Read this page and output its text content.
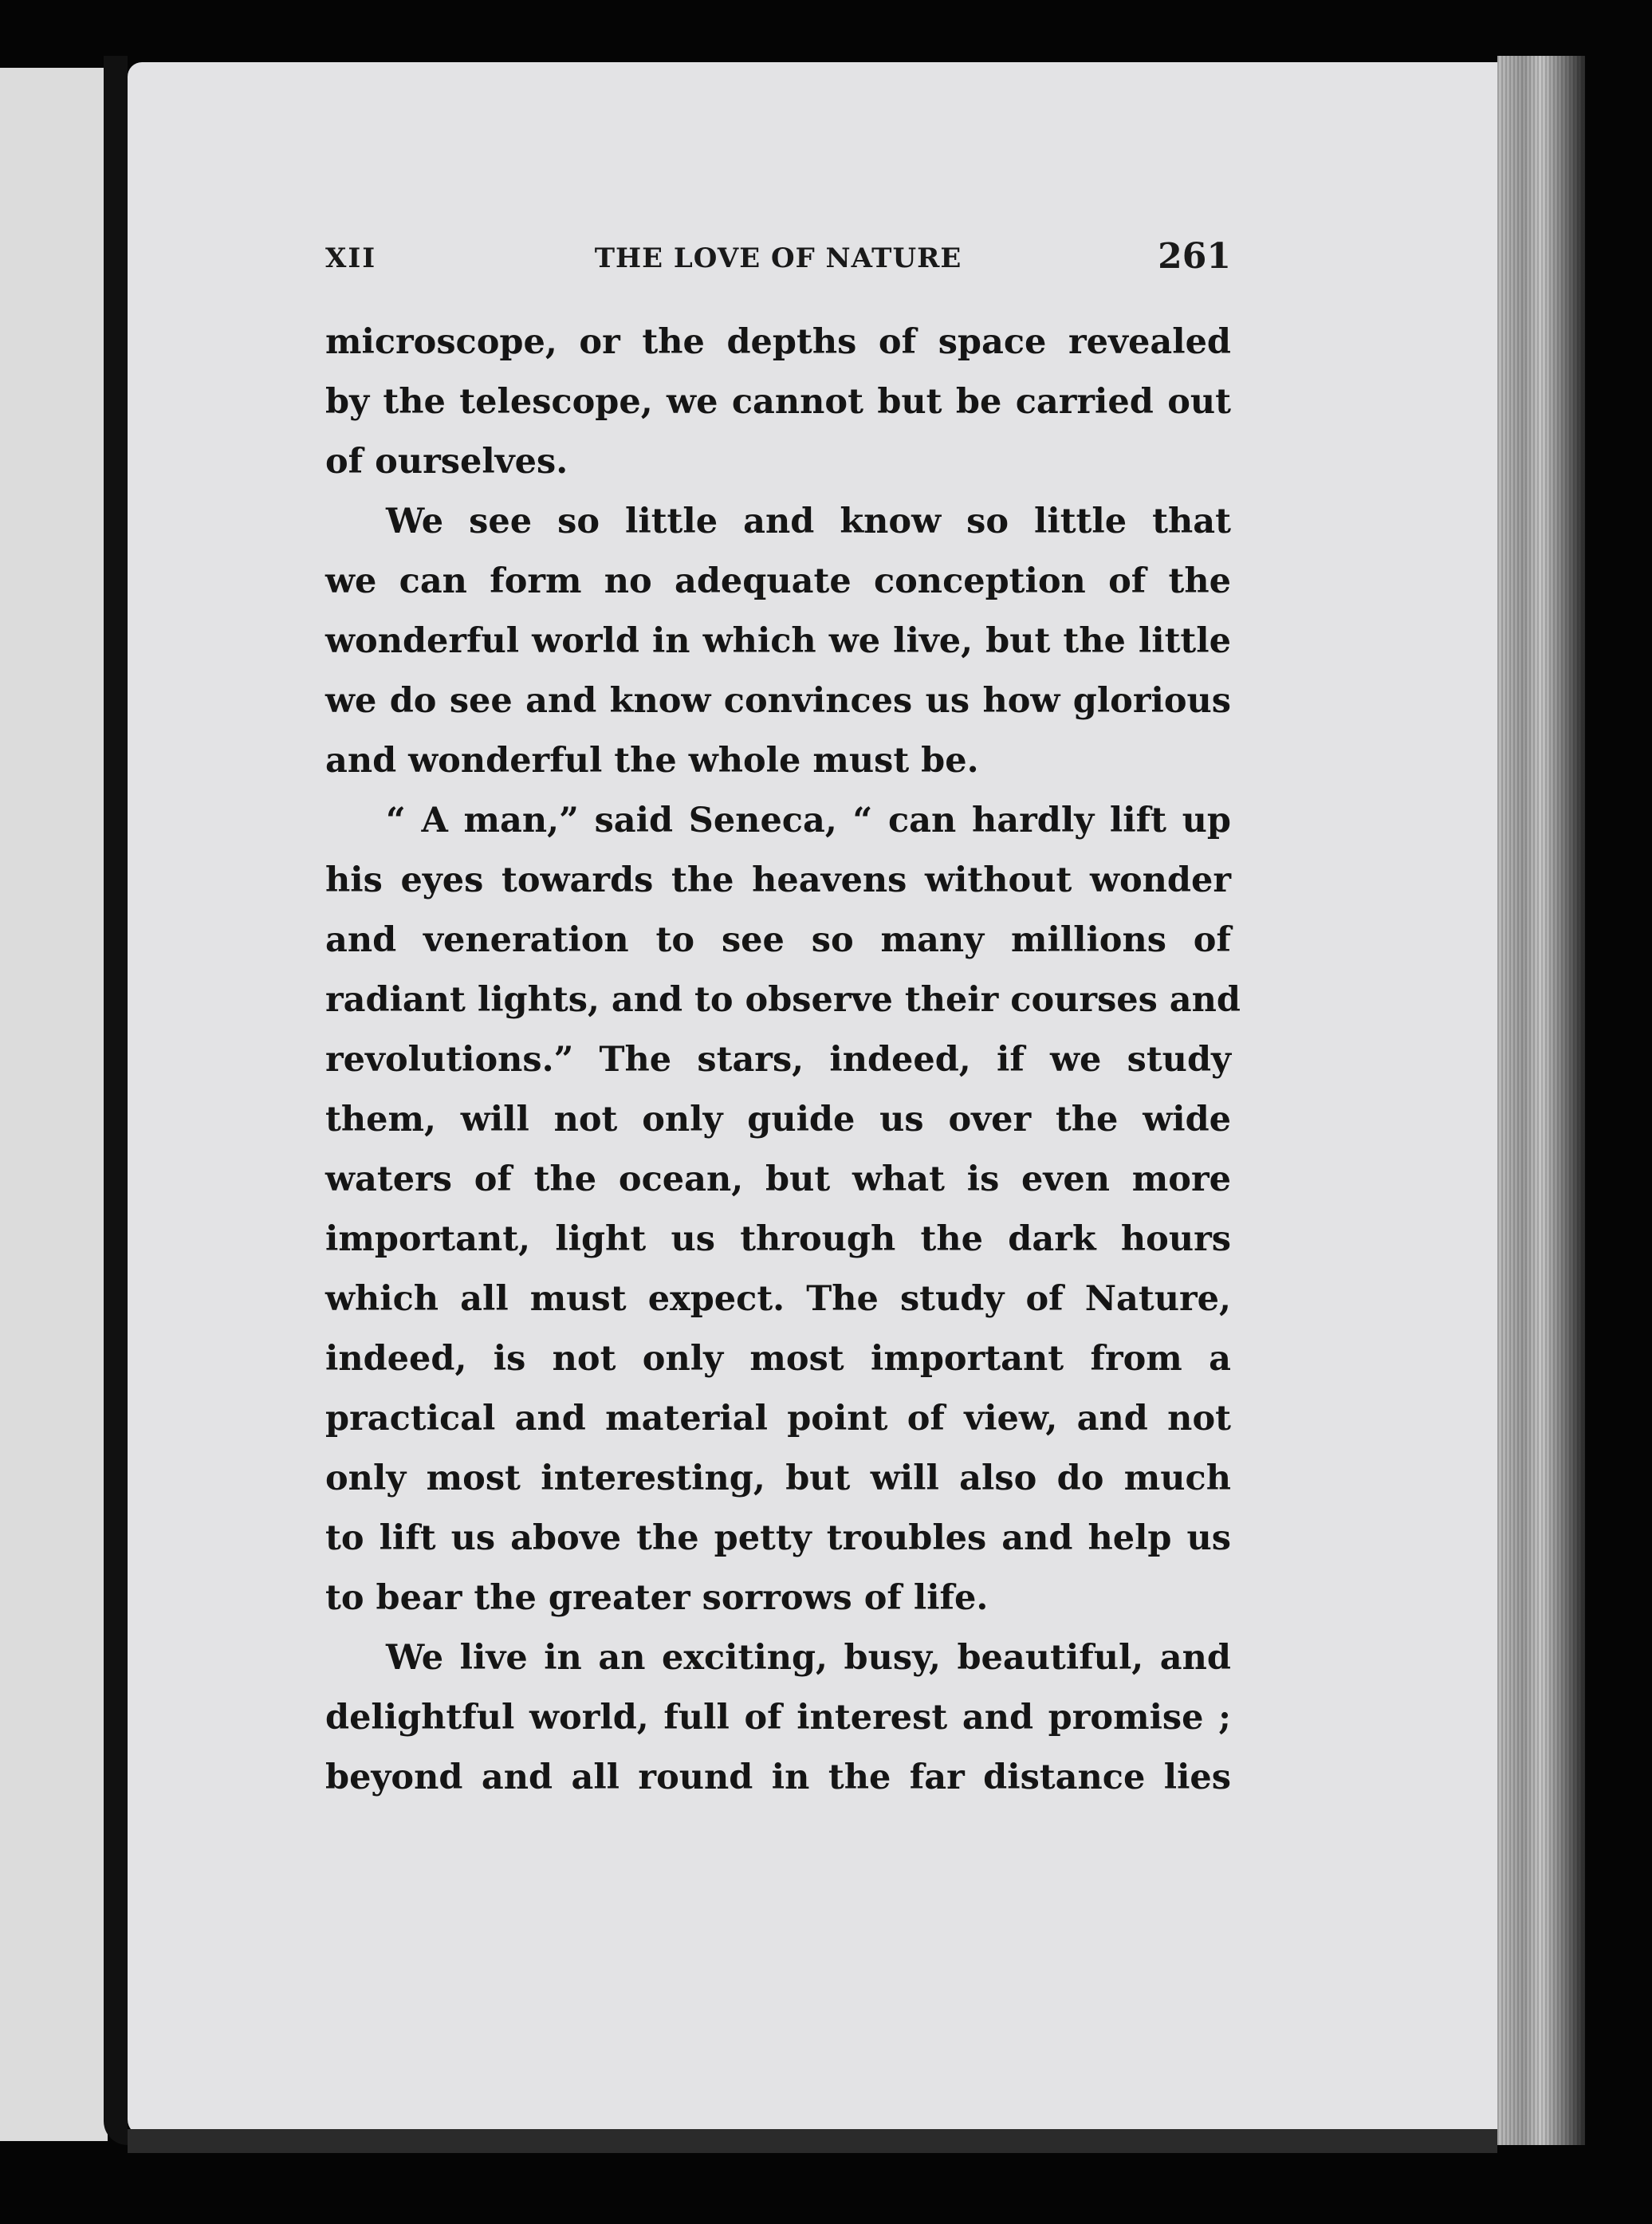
XII	THE LOVE OF NATURE	261
microscope, or the depths of space revealed
by the telescope, we cannot but be carried out
of ourselves.
We see so little and know so little that
we can form no adequate conception of the
wonderful world in which we live, but the little
we do see and know convinces us how glorious
and wonderful the whole must be.
“ A man,” said Seneca, “ can hardly lift up
his eyes towards the heavens without wonder
and veneration to see so many millions of
radiant lights, and to observe their courses and
revolutions.” The stars, indeed, if we study
them, will not only guide us over the wide
waters of the ocean, but what is even more
important, light us through the dark hours
which all must expect. The study of Nature,
indeed, is not only most important from a
practical and material point of view, and not
only most interesting, but will also do much
to lift us above the petty troubles and help us
to bear the greater sorrows of life.
We live in an exciting, busy, beautiful, and
delightful world, full of interest and promise ;
beyond and all round in the far distance lies
